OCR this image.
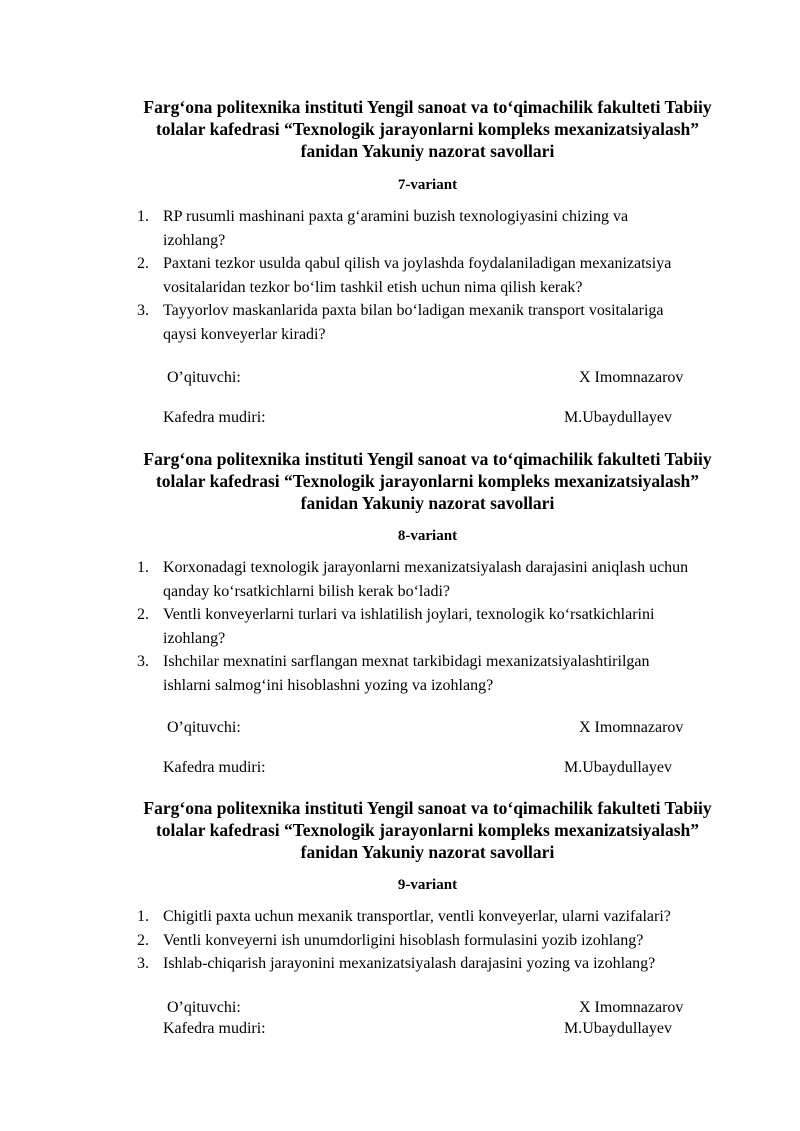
Farg‘ona politexnika instituti Yengil sanoat va to‘qimachilik fakulteti Tabiiy
tolalar kafedrasi “Texnologik jarayonlarni kompleks mexanizatsiyalash”
fanidan Yakuniy nazorat savollari
7-variant
1. RP rusumli mashinani paxta g‘aramini buzish texnologiyasini chizing va
izohlang?
2. Paxtani tezkor usulda qabul qilish va joylashda foydalaniladigan mexanizatsiya
vositalaridan tezkor bo‘lim tashkil etish uchun nima qilish kerak?
3. Tayyorlov maskanlarida paxta bilan bo‘ladigan mexanik transport vositalariga
qaysi konveyerlar kiradi?
O’qituvchi:	X Imomnazarov
Kafedra mudiri:	M.Ubaydullayev
Farg‘ona politexnika instituti Yengil sanoat va to‘qimachilik fakulteti Tabiiy
tolalar kafedrasi “Texnologik jarayonlarni kompleks mexanizatsiyalash”
fanidan Yakuniy nazorat savollari
8-variant
1. Korxonadagi texnologik jarayonlarni mexanizatsiyalash darajasini aniqlash uchun
qanday ko‘rsatkichlarni bilish kerak bo‘ladi?
2. Ventli konveyerlarni turlari va ishlatilish joylari, texnologik ko‘rsatkichlarini
izohlang?
3. Ishchilar mexnatini sarflangan mexnat tarkibidagi mexanizatsiyalashtirilgan
ishlarni salmog‘ini hisoblashni yozing va izohlang?
O’qituvchi:	X Imomnazarov
Kafedra mudiri:	M.Ubaydullayev
Farg‘ona politexnika instituti Yengil sanoat va to‘qimachilik fakulteti Tabiiy
tolalar kafedrasi “Texnologik jarayonlarni kompleks mexanizatsiyalash”
fanidan Yakuniy nazorat savollari
9-variant
1. Chigitli paxta uchun mexanik transportlar, ventli konveyerlar, ularni vazifalari?
2. Ventli konveyerni ish unumdorligini hisoblash formulasini yozib izohlang?
3. Ishlab-chiqarish jarayonini mexanizatsiyalash darajasini yozing va izohlang?
O’qituvchi:	X Imomnazarov
Kafedra mudiri:	M.Ubaydullayev
